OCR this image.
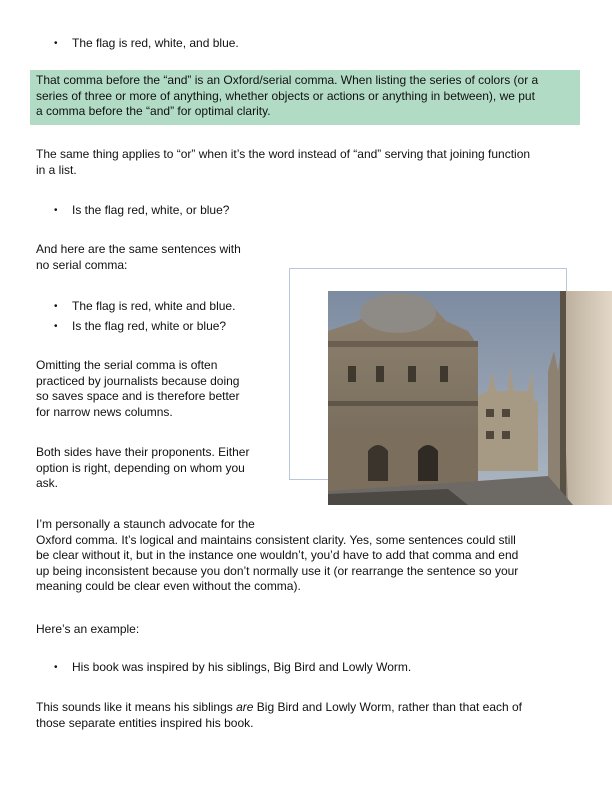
• The flag is red, white, and blue.

That comma before the “and” is an Oxford/serial comma. When listing the series of colors (or a

series of three or more of anything, whether objects or actions or anything in between), we put

a comma before the “and” for optimal clarity.

The same thing applies to “or” when it’s the word instead of “and” serving that joining function
in a list.
• Is the flag red, white, or blue?
And here are the same sentences with
no serial comma:
• The flag is red, white and blue.
• Is the flag red, white or blue?
Omitting the serial comma is often
practiced by journalists because doing
so saves space and is therefore better
for narrow news columns.
Both sides have their proponents. Either
option is right, depending on whom you
ask.
I’m personally a staunch advocate for the
Oxford comma. It’s logical and maintains consistent clarity. Yes, some sentences could still
be clear without it, but in the instance one wouldn’t, you’d have to add that comma and end
up being inconsistent because you don’t normally use it (or rearrange the sentence so your
meaning could be clear even without the comma).
Here’s an example:
• His book was inspired by his siblings, Big Bird and Lowly Worm.
This sounds like it means his siblings are Big Bird and Lowly Worm, rather than that each of
those separate entities inspired his book.
